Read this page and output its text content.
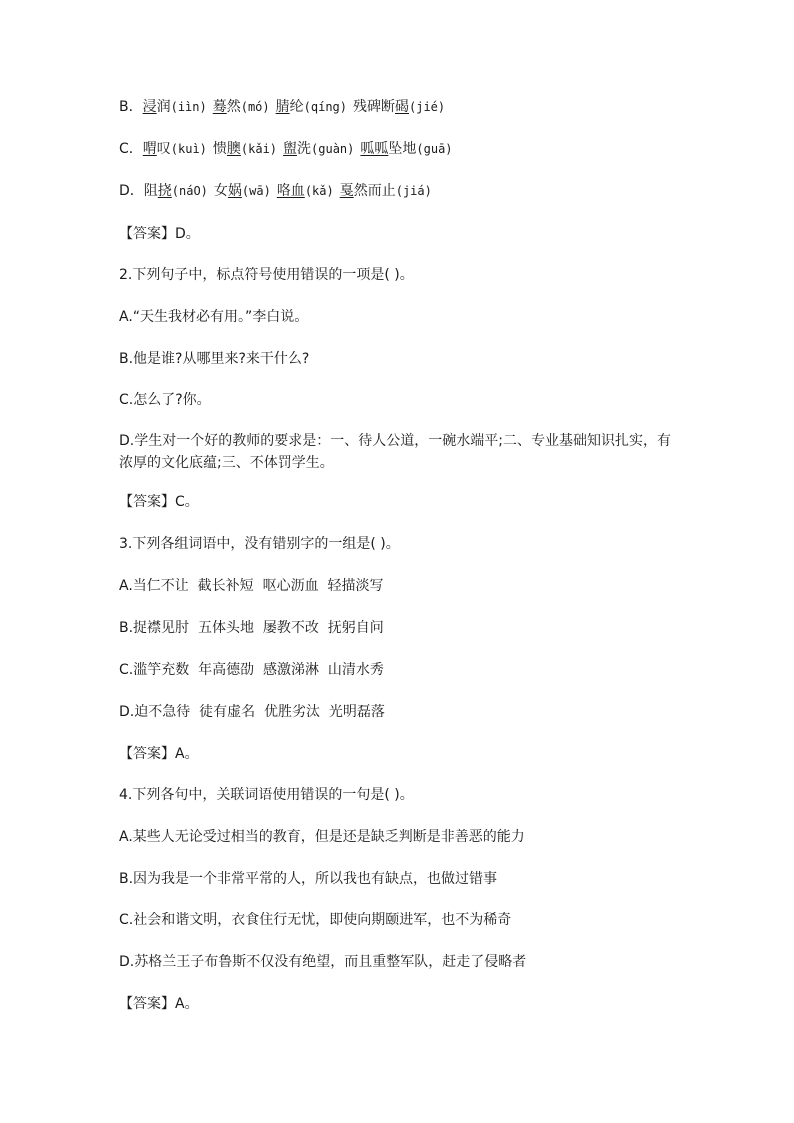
B．浸润(iìn) 蓦然(mó) 腈纶(qíng) 残碑断碣(jié)
C．喟叹(kuì) 愦䐿(kǎi) 盥洗(guàn) 呱呱坠地(guā)
D．阻挠(náO) 女娲(wā) 咯血(kǎ) 戛然而止(jiá)
【答案】D。
2.下列句子中，标点符号使用错误的一项是( )。
A.“天生我材必有用。”李白说。
B.他是谁?从哪里来?来干什么?
C.怎么了?你。
D.学生对一个好的教师的要求是：一、待人公道，一碗水端平;二、专业基础知识扎实，有
浓厚的文化底蕴;三、不体罚学生。
【答案】C。
3.下列各组词语中，没有错别字的一组是( )。
A.当仁不让  截长补短  呕心沥血  轻描淡写
B.捉襟见肘  五体头地  屡教不改  抚躬自问
C.滥竽充数  年高德劭  感激涕淋  山清水秀
D.迫不急待  徒有虚名  优胜劣汰  光明磊落
【答案】A。
4.下列各句中，关联词语使用错误的一句是( )。
A.某些人无论受过相当的教育，但是还是缺乏判断是非善恶的能力
B.因为我是一个非常平常的人，所以我也有缺点，也做过错事
C.社会和谐文明，衣食住行无忧，即使向期颐进军，也不为稀奇
D.苏格兰王子布鲁斯不仅没有绝望，而且重整军队，赶走了侵略者
【答案】A。
